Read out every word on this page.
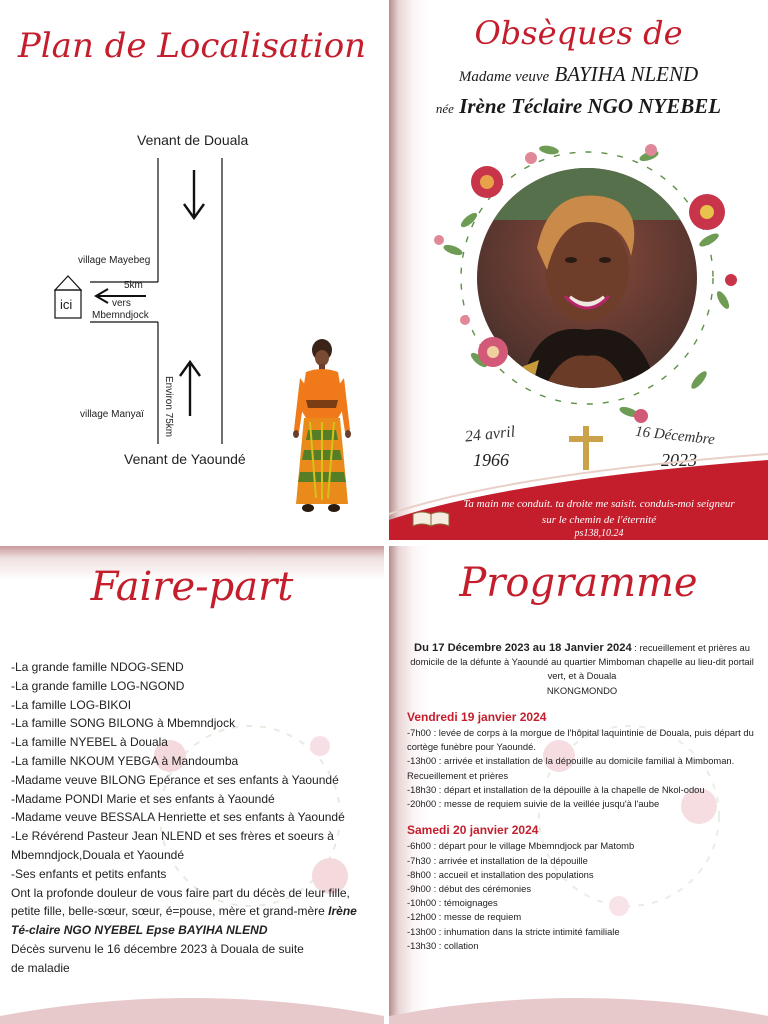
Plan de Localisation
Venant de Douala
village Mayebeg
5km
vers
Mbemndjock
ici
village Manyaï
Venant de Yaoundé
Environ 75km
Obsèques de
Madame veuve BAYIHA NLEND
née Irène Téclaire NGO NYEBEL
24 avril
1966
16 Décembre
2023
Ta main me conduit. ta droite me saisit. conduis-moi seigneur
sur le chemin de l'éternité
ps138,10.24
Faire-part
-La grande famille NDOG-SEND
-La grande famille LOG-NGOND
-La famille LOG-BIKOI
-La famille SONG BILONG à Mbemndjock
-La famille NYEBEL à Douala
-La famille NKOUM YEBGA à Mandoumba
-Madame veuve BILONG Epérance et ses enfants à Yaoundé
-Madame PONDI Marie et ses enfants à Yaoundé
-Madame veuve BESSALA Henriette et ses enfants à Yaoundé
-Le Révérend Pasteur Jean NLEND et ses frères et soeurs à
Mbemndjock,Douala et Yaoundé
-Ses enfants et petits enfants
Ont la profonde douleur de vous faire part du décès de leur fille, petite fille, belle-sœur, sœur, é=pouse, mère et grand-mère Irène Té-claire NGO NYEBEL Epse BAYIHA NLEND
Décès survenu le 16 décembre 2023 à Douala de suite
de maladie
Programme
Du 17 Décembre 2023 au 18 Janvier 2024 : recueillement et prières au domicile de la défunte à Yaoundé au quartier Mimboman chapelle au lieu-dit portail vert, et à Douala
NKONGMONDO
Vendredi 19 janvier 2024
-7h00 : levée de corps à la morgue de l'hôpital laquintinie de Douala, puis départ du cortège funèbre pour Yaoundé.
-13h00 : arrivée et installation de la dépouille au domicile familial à Mimboman.
Recueillement et prières
-18h30 : départ et installation de la dépouille à la chapelle de Nkol-odou
-20h00 : messe de requiem suivie de la veillée jusqu'à l'aube
Samedi 20 janvier 2024
-6h00 : départ pour le village Mbemndjock par Matomb
-7h30 : arrivée et installation de la dépouille
-8h00 : accueil et installation des populations
-9h00 : début des cérémonies
-10h00 : témoignages
-12h00 : messe de requiem
-13h00 : inhumation dans la stricte intimité familiale
-13h30 : collation
